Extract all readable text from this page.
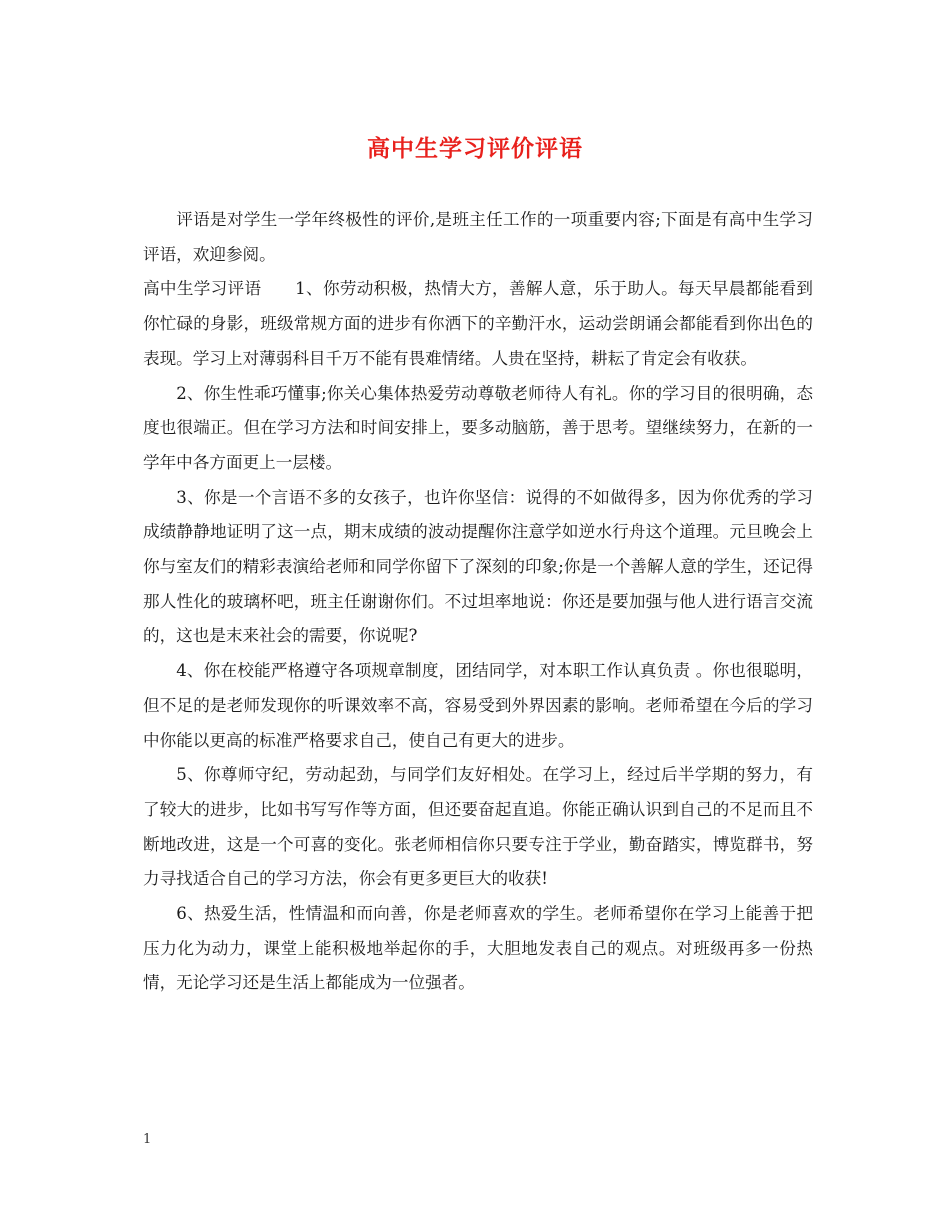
高中生学习评价评语

评语是对学生一学年终极性的评价,是班主任工作的一项重要内容;下面是有高中生学习评语，欢迎参阅。

高中生学习评语　　1、你劳动积极，热情大方，善解人意，乐于助人。每天早晨都能看到你忙碌的身影，班级常规方面的进步有你洒下的辛勤汗水，运动尝朗诵会都能看到你出色的表现。学习上对薄弱科目千万不能有畏难情绪。人贵在坚持，耕耘了肯定会有收获。

2、你生性乖巧懂事;你关心集体热爱劳动尊敬老师待人有礼。你的学习目的很明确，态度也很端正。但在学习方法和时间安排上，要多动脑筋，善于思考。望继续努力，在新的一学年中各方面更上一层楼。

3、你是一个言语不多的女孩子，也许你坚信：说得的不如做得多，因为你优秀的学习成绩静静地证明了这一点，期末成绩的波动提醒你注意学如逆水行舟这个道理。元旦晚会上你与室友们的精彩表演给老师和同学你留下了深刻的印象;你是一个善解人意的学生，还记得那人性化的玻璃杯吧，班主任谢谢你们。不过坦率地说：你还是要加强与他人进行语言交流的，这也是末来社会的需要，你说呢?

4、你在校能严格遵守各项规章制度，团结同学，对本职工作认真负责 。你也很聪明，但不足的是老师发现你的听课效率不高，容易受到外界因素的影响。老师希望在今后的学习中你能以更高的标准严格要求自己，使自己有更大的进步。

5、你尊师守纪，劳动起劲，与同学们友好相处。在学习上，经过后半学期的努力，有了较大的进步，比如书写写作等方面，但还要奋起直追。你能正确认识到自己的不足而且不断地改进，这是一个可喜的变化。张老师相信你只要专注于学业，勤奋踏实，博览群书，努力寻找适合自己的学习方法，你会有更多更巨大的收获!

6、热爱生活，性情温和而向善，你是老师喜欢的学生。老师希望你在学习上能善于把压力化为动力，课堂上能积极地举起你的手，大胆地发表自己的观点。对班级再多一份热情，无论学习还是生活上都能成为一位强者。

1
